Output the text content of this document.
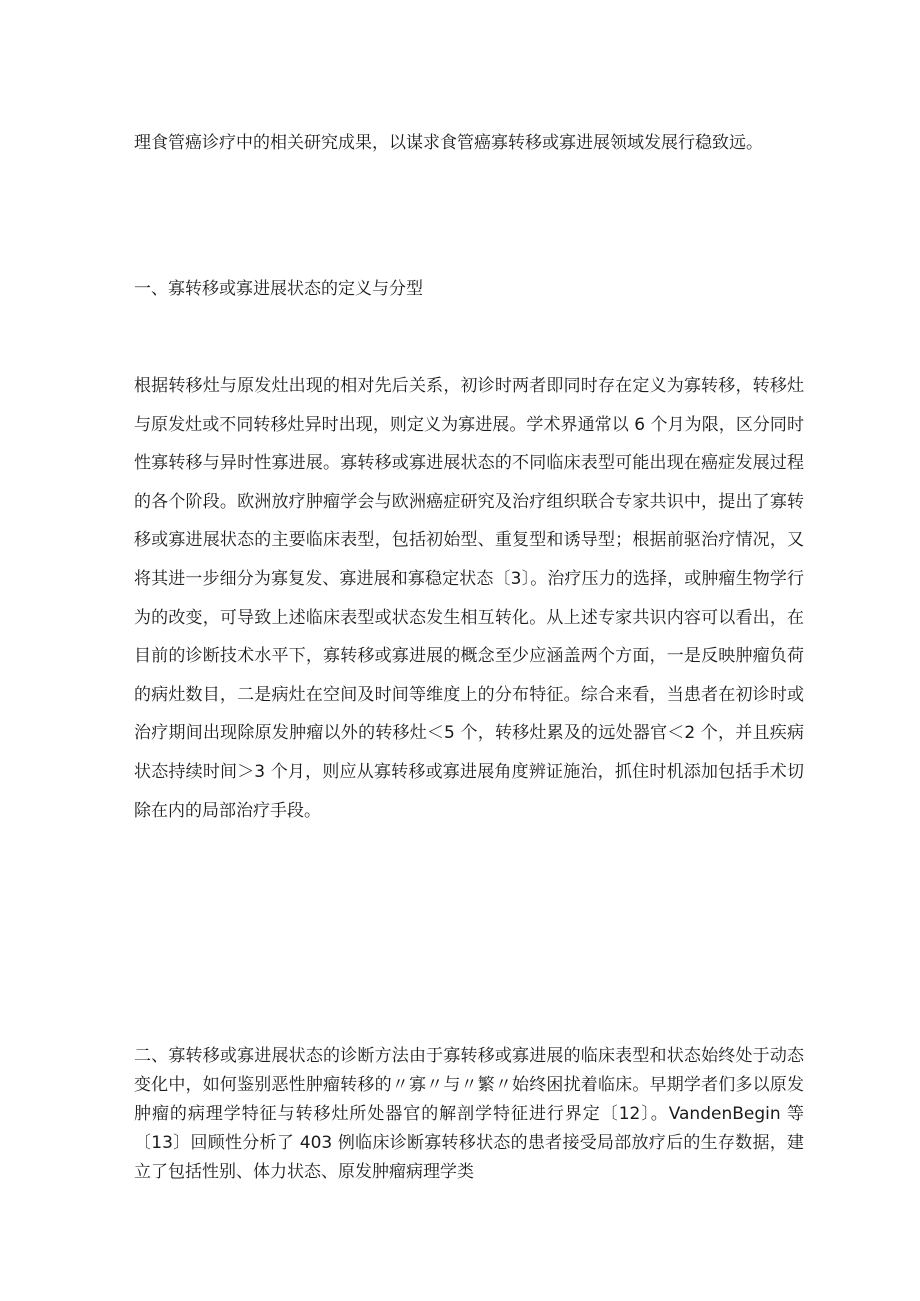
理食管癌诊疗中的相关研究成果，以谋求食管癌寡转移或寡进展领域发展行稳致远。

一、寡转移或寡进展状态的定义与分型

根据转移灶与原发灶出现的相对先后关系，初诊时两者即同时存在定义为寡转移，转移灶与原发灶或不同转移灶异时出现，则定义为寡进展。学术界通常以 6 个月为限，区分同时性寡转移与异时性寡进展。寡转移或寡进展状态的不同临床表型可能出现在癌症发展过程的各个阶段。欧洲放疗肿瘤学会与欧洲癌症研究及治疗组织联合专家共识中，提出了寡转移或寡进展状态的主要临床表型，包括初始型、重复型和诱导型；根据前驱治疗情况，又将其进一步细分为寡复发、寡进展和寡稳定状态〔3〕。治疗压力的选择，或肿瘤生物学行为的改变，可导致上述临床表型或状态发生相互转化。从上述专家共识内容可以看出，在目前的诊断技术水平下，寡转移或寡进展的概念至少应涵盖两个方面，一是反映肿瘤负荷的病灶数目，二是病灶在空间及时间等维度上的分布特征。综合来看，当患者在初诊时或治疗期间出现除原发肿瘤以外的转移灶＜5 个，转移灶累及的远处器官＜2 个，并且疾病状态持续时间＞3 个月，则应从寡转移或寡进展角度辨证施治，抓住时机添加包括手术切除在内的局部治疗手段。

二、寡转移或寡进展状态的诊断方法由于寡转移或寡进展的临床表型和状态始终处于动态变化中，如何鉴别恶性肿瘤转移的〃寡〃与〃繁〃始终困扰着临床。早期学者们多以原发肿瘤的病理学特征与转移灶所处器官的解剖学特征进行界定〔12〕。VandenBegin 等〔13〕回顾性分析了 403 例临床诊断寡转移状态的患者接受局部放疗后的生存数据，建立了包括性别、体力状态、原发肿瘤病理学类
